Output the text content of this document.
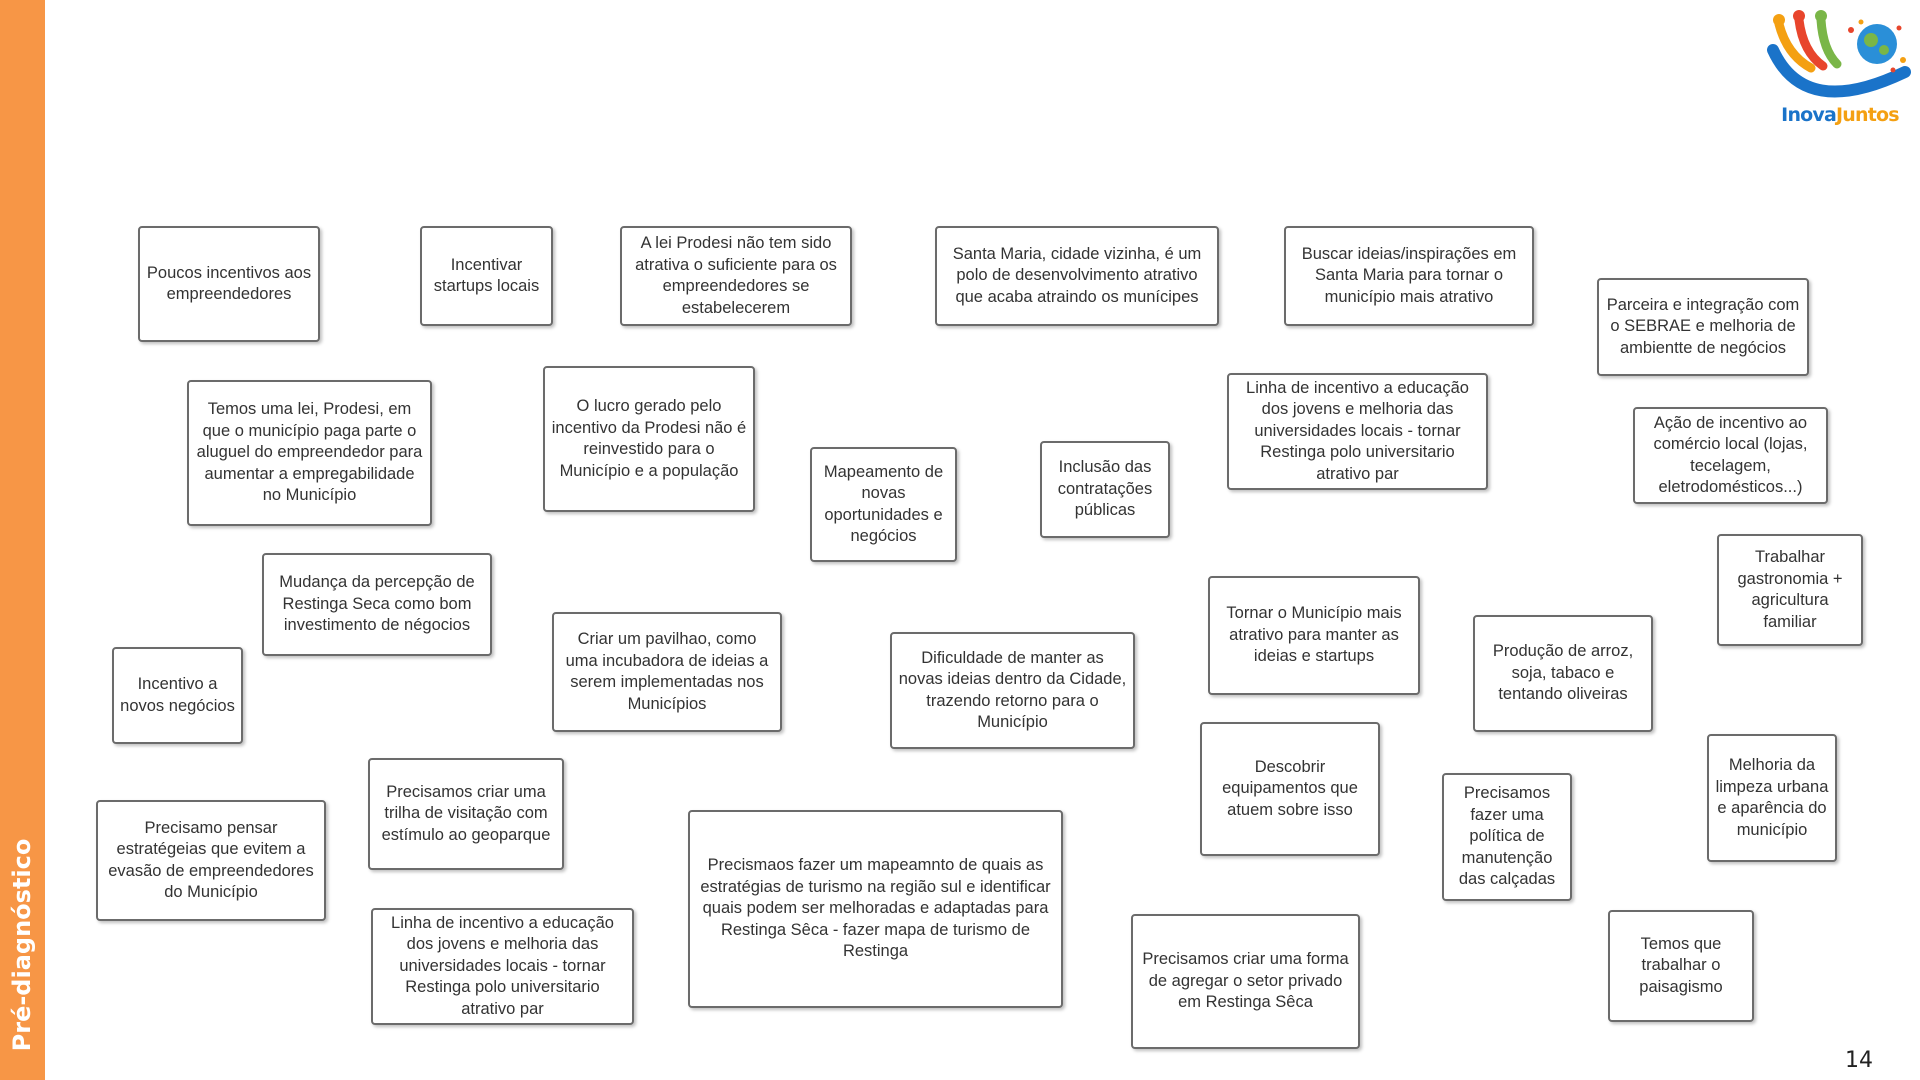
Pré-diagnóstico
InovaJuntos
Poucos incentivos aos empreendedores
Incentivar startups locais
A lei Prodesi não tem sido atrativa o suficiente para os empreendedores se estabelecerem
Santa Maria, cidade vizinha, é um polo de desenvolvimento atrativo que acaba atraindo os munícipes
Buscar ideias/inspirações em Santa Maria para tornar o município mais atrativo	Parceira e integração com o SEBRAE e melhoria de ambientte de negócios
Temos uma lei, Prodesi, em que o município paga parte o aluguel do empreendedor para aumentar a empregabilidade no Município
O lucro gerado pelo incentivo da Prodesi não é reinvestido para o Município e a população	Mapeamento de novas oportunidades e negócios
Inclusão das contratações públicas
Linha de incentivo a educação dos jovens e melhoria das universidades locais - tornar Restinga polo universitario atrativo par
Ação de incentivo ao comércio local (lojas, tecelagem, eletrodomésticos...)
Trabalhar gastronomia + agricultura familiar
Mudança da percepção de Restinga Seca como bom investimento de négocios
Incentivo a novos negócios
Criar um pavilhao, como uma incubadora de ideias a serem implementadas nos Municípios
Dificuldade de manter as novas ideias dentro da Cidade, trazendo retorno para o Município
Tornar o Município mais atrativo para manter as ideias e startups	Produção de arroz, soja, tabaco e tentando oliveiras
Descobrir equipamentos que atuem sobre isso
Precisamos fazer uma política de manutenção das calçadas
Melhoria da limpeza urbana e aparência do município
Precisamo pensar estratégeias que evitem a evasão de empreendedores do Município
Precisamos criar uma trilha de visitação com estímulo ao geoparque
Precismaos fazer um mapeamnto de quais as estratégias de turismo na região sul e identificar quais podem ser melhoradas e adaptadas para Restinga Sêca - fazer mapa de turismo de Restinga
Linha de incentivo a educação dos jovens e melhoria das universidades locais - tornar Restinga polo universitario atrativo par
Precisamos criar uma forma de agregar o setor privado em Restinga Sêca
Temos que trabalhar o paisagismo
14
